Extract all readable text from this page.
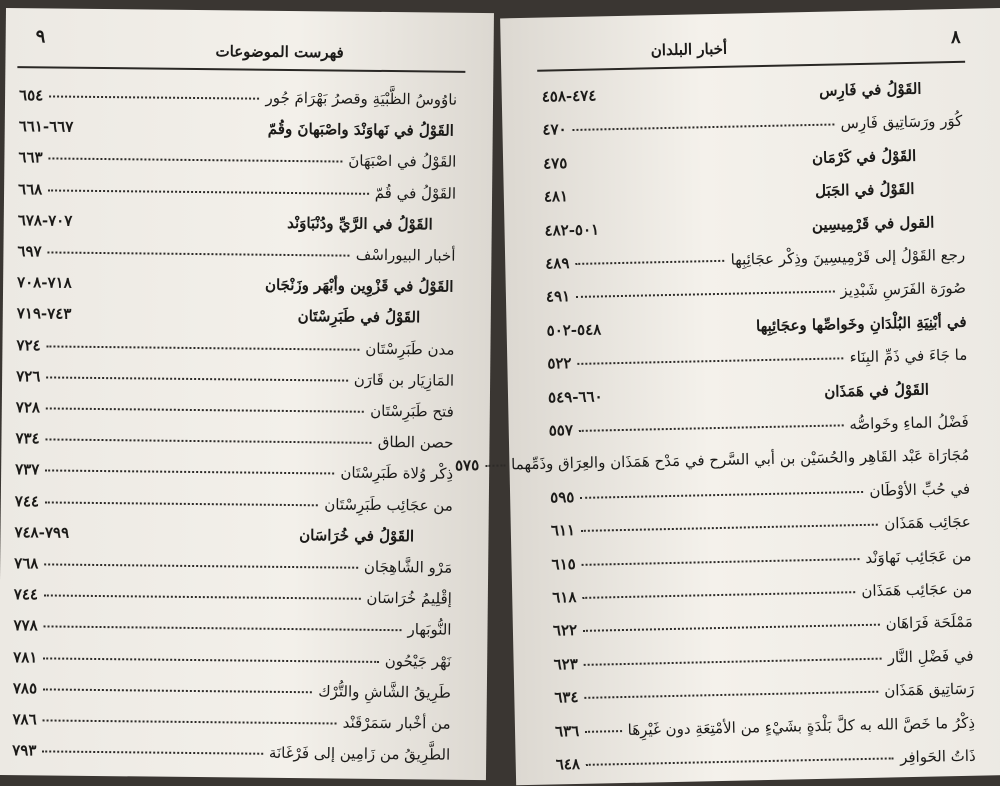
٩
فهرست الموضوعات
ناوُوسُ الظَّبْيَةِ وقصرُ بَهْرَامَ جُور
٦٥٤
القَوْلُ في نَهاوَنْدَ واصْبَهانَ وقُمّ
٦٦٧-٦٦١
القَوْلُ في اصْبَهَانَ
٦٦٣
القَوْلُ في قُمّ
٦٦٨
القَوْلُ في الرَّيِّ ودُنْبَاوَنْد
٧٠٧-٦٧٨
أخبار البيوراسْف
٦٩٧
القَوْلُ في قَزْوِين وأبْهَر وزَنْجَان
٧١٨-٧٠٨
القَوْلُ في طَبَرِسْتَان
٧٤٣-٧١٩
مدن طَبَرِسْتَان
٧٢٤
المَازِيَار بن قَارَن
٧٢٦
فتح طَبَرِسْتَان
٧٢٨
حصن الطاق
٧٣٤
ذِكْر وُلاة طَبَرِسْتَان
٧٣٧
من عجَائِب طَبَرِسْتَان
٧٤٤
القَوْلُ في خُرَاسَان
٧٩٩-٧٤٨
مَرْو الشَّاهِجَان
٧٦٨
إقْلِيمُ خُرَاسَان
٧٤٤
النُّوبَهار
٧٧٨
نَهْر جَيْحُون
٧٨١
طَرِيقُ الشَّاشِ والتُّرْك
٧٨٥
من أخْبار سَمَرْقَنْد
٧٨٦
الطَّرِيقُ من زَامِين إلى فَرْغَانَة
٧٩٣
٨
أخبار البلدان
القَوْلُ في فَارِس
٤٧٤-٤٥٨
كُوَر ورَسَاتِيق فَارِس
٤٧٠
القَوْلُ في كَرْمَان
٤٧٥
القَوْلُ في الجَبَل
٤٨١
القول في قَرْمِيسِين
٥٠١-٤٨٢
رجع القَوْلُ إلى قَرْمِيسِينَ وذِكْر عجَائِبِها
٤٨٩
صُورَة الفَرَسِ شَبْدِيز
٤٩١
في أبْنِيَةِ البُلْدَانِ وخَواصِّها وعجَائِبِها
٥٤٨-٥٠٢
ما جَاءَ في ذَمِّ البِنَاء
٥٢٢
القَوْلُ في هَمَذَان
٦٦٠-٥٤٩
فَضْلُ الماءِ وخَواصُّه
٥٥٧
مُجَارَاة عَبْد القَاهِر والحُسَيْن بن أبي السَّرح في مَدْح هَمَذَان والعِرَاق وذَمِّهما
٥٧٥
في حُبِّ الأوْطَان
٥٩٥
عجَائِب هَمَذَان
٦١١
من عَجَائِب نَهاوَنْد
٦١٥
من عجَائِب هَمَذَان
٦١٨
مَمْلَحَة فَرَاهَان
٦٢٢
في فَضْلِ النَّار
٦٢٣
رَسَاتِيق هَمَذَان
٦٣٤
ذِكْرُ ما خَصَّ الله به كلَّ بَلْدَةٍ بشَيْءٍ من الأمْتِعَةِ دون غَيْرِهَا
٦٣٦
ذَاتُ الحَوافِر
٦٤٨
